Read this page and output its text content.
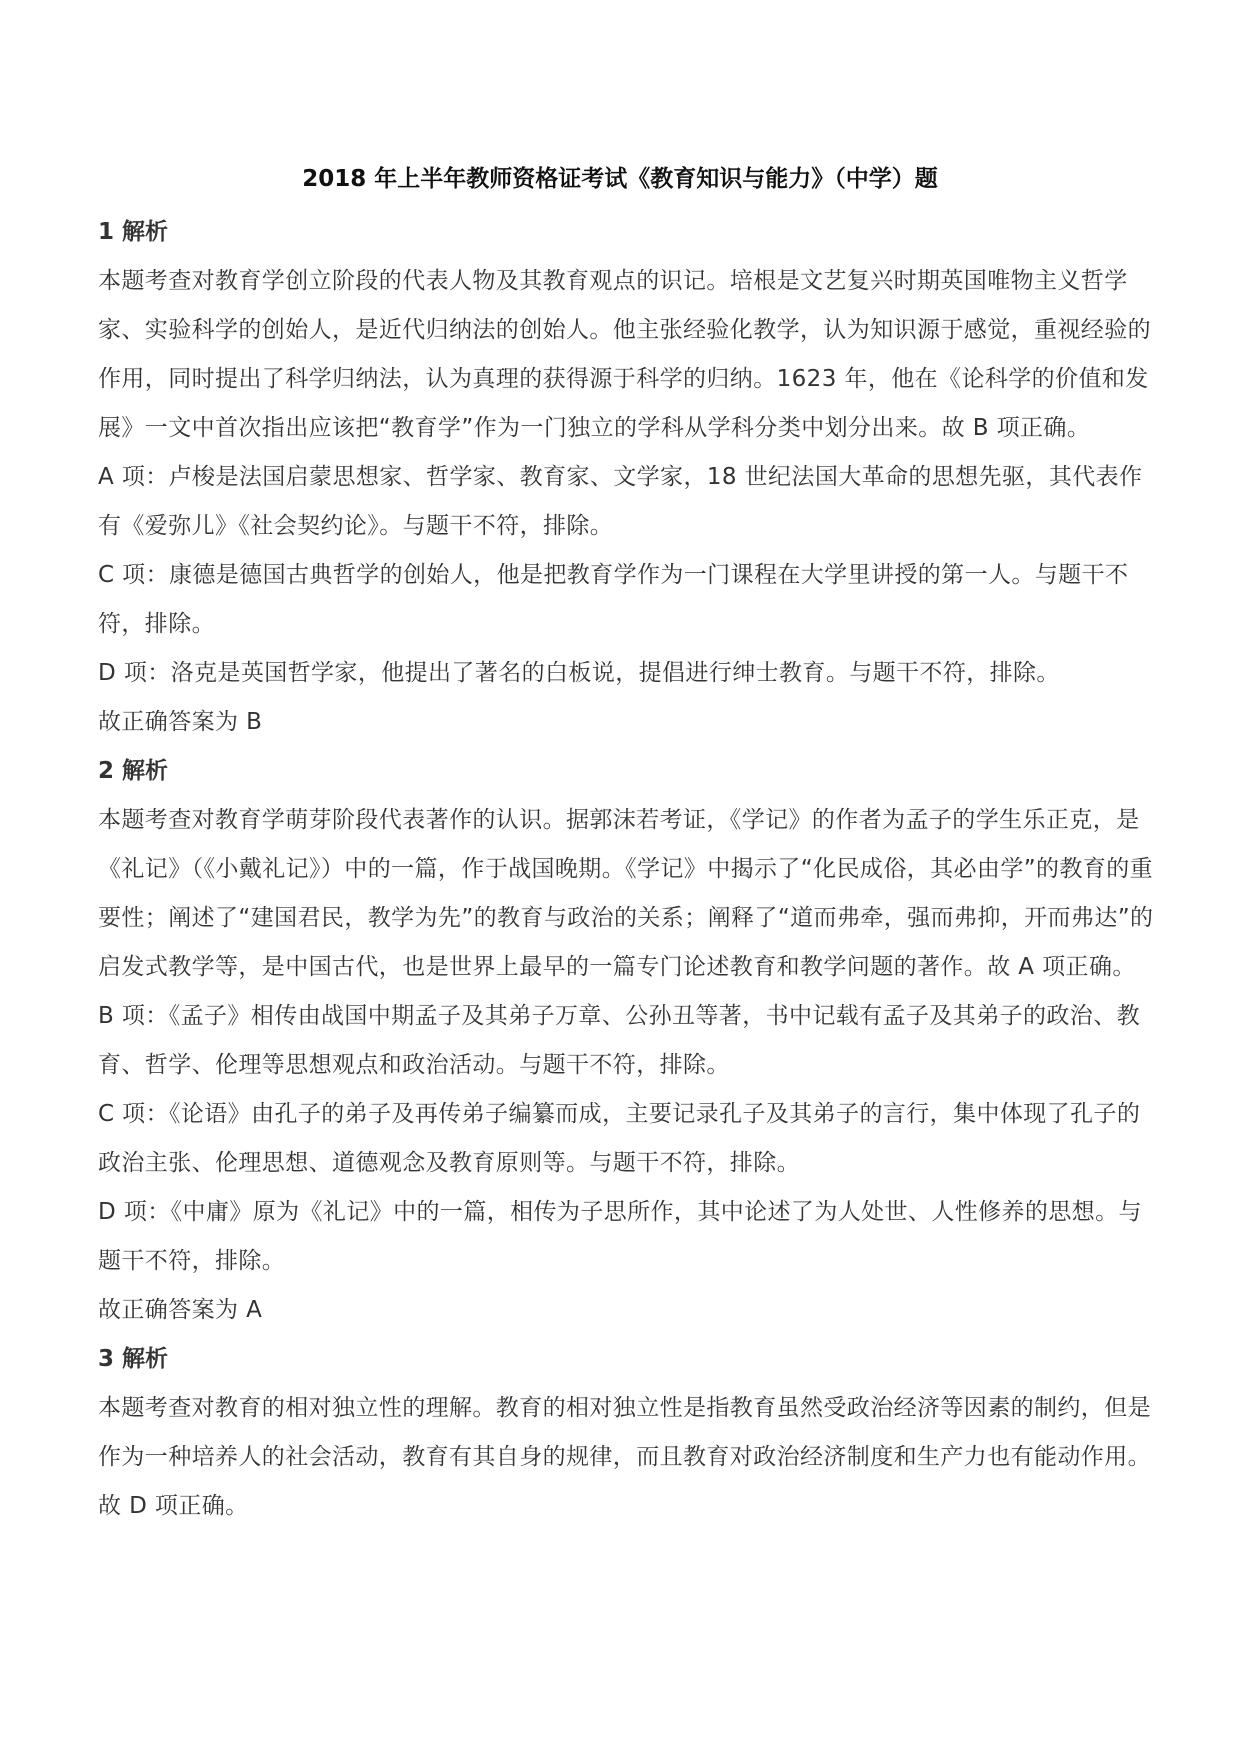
2018 年上半年教师资格证考试《教育知识与能力》（中学）题
1 解析

本题考查对教育学创立阶段的代表人物及其教育观点的识记。培根是文艺复兴时期英国唯物主义哲学家、实验科学的创始人，是近代归纳法的创始人。他主张经验化教学，认为知识源于感觉，重视经验的作用，同时提出了科学归纳法，认为真理的获得源于科学的归纳。1623 年，他在《论科学的价值和发展》一文中首次指出应该把“教育学”作为一门独立的学科从学科分类中划分出来。故 B 项正确。

A 项：卢梭是法国启蒙思想家、哲学家、教育家、文学家，18 世纪法国大革命的思想先驱，其代表作有《爱弥儿》《社会契约论》。与题干不符，排除。

C 项：康德是德国古典哲学的创始人，他是把教育学作为一门课程在大学里讲授的第一人。与题干不符，排除。

D 项：洛克是英国哲学家，他提出了著名的白板说，提倡进行绅士教育。与题干不符，排除。

故正确答案为 B

2 解析

本题考查对教育学萌芽阶段代表著作的认识。据郭沫若考证，《学记》的作者为孟子的学生乐正克，是《礼记》（《小戴礼记》）中的一篇，作于战国晚期。《学记》中揭示了“化民成俗，其必由学”的教育的重要性；阐述了“建国君民，教学为先”的教育与政治的关系；阐释了“道而弗牵，强而弗抑，开而弗达”的启发式教学等，是中国古代，也是世界上最早的一篇专门论述教育和教学问题的著作。故 A 项正确。

B 项：《孟子》相传由战国中期孟子及其弟子万章、公孙丑等著，书中记载有孟子及其弟子的政治、教育、哲学、伦理等思想观点和政治活动。与题干不符，排除。

C 项：《论语》由孔子的弟子及再传弟子编纂而成，主要记录孔子及其弟子的言行，集中体现了孔子的政治主张、伦理思想、道德观念及教育原则等。与题干不符，排除。

D 项：《中庸》原为《礼记》中的一篇，相传为子思所作，其中论述了为人处世、人性修养的思想。与题干不符，排除。

故正确答案为 A

3 解析

本题考查对教育的相对独立性的理解。教育的相对独立性是指教育虽然受政治经济等因素的制约，但是作为一种培养人的社会活动，教育有其自身的规律，而且教育对政治经济制度和生产力也有能动作用。故 D 项正确。
